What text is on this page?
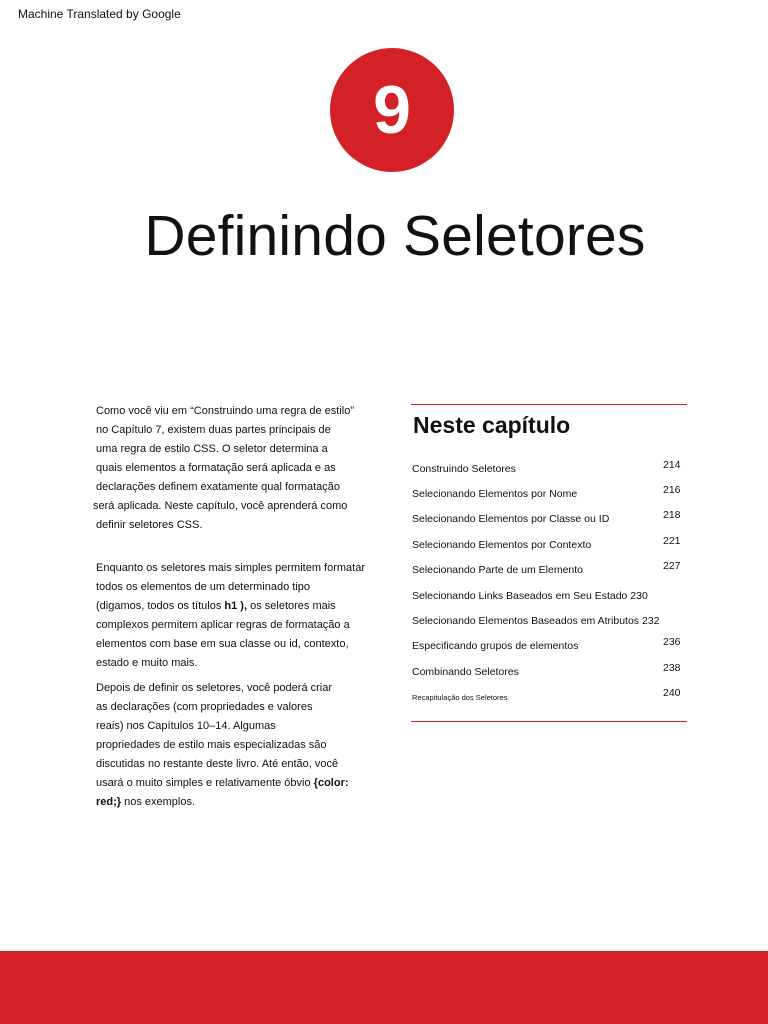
Machine Translated by Google
9
Definindo Seletores

Como você viu em “Construindo uma regra de estilo”
no Capítulo 7, existem duas partes principais de
uma regra de estilo CSS. O seletor determina a
quais elementos a formatação será aplicada e as
declarações definem exatamente qual formatação
será aplicada. Neste capítulo, você aprenderá como
definir seletores CSS.

Enquanto os seletores mais simples permitem formatar
todos os elementos de um determinado tipo
(digamos, todos os títulos h1 ), os seletores mais
complexos permitem aplicar regras de formatação a
elementos com base em sua classe ou id, contexto,
estado e muito mais.

Depois de definir os seletores, você poderá criar
as declarações (com propriedades e valores
reais) nos Capítulos 10–14. Algumas
propriedades de estilo mais especializadas são
discutidas no restante deste livro. Até então, você
usará o muito simples e relativamente óbvio {color:
red;} nos exemplos.

Neste capítulo
Construindo Seletores	214
Selecionando Elementos por Nome	216
Selecionando Elementos por Classe ou ID	218
Selecionando Elementos por Contexto	221
Selecionando Parte de um Elemento	227
Selecionando Links Baseados em Seu Estado 230
Selecionando Elementos Baseados em Atributos 232
Especificando grupos de elementos	236
Combinando Seletores	238
Recapitulação dos Seletores	240
